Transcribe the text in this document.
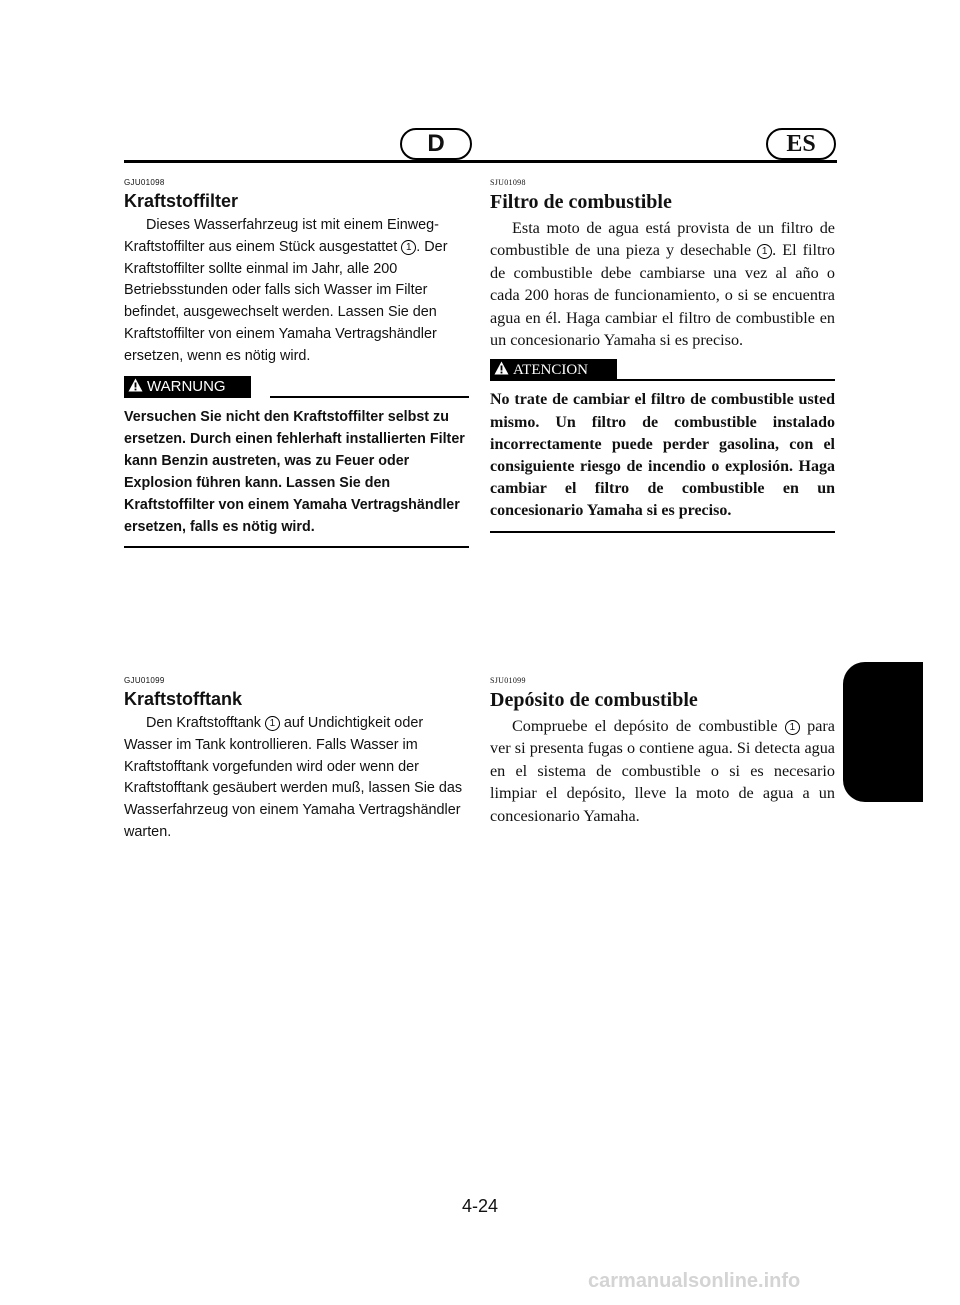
D	ES

GJU01098

Kraftstoffilter

Dieses Wasserfahrzeug ist mit einem Einweg-Kraftstoffilter aus einem Stück ausgestattet 1 . Der Kraftstoffilter sollte einmal im Jahr, alle 200 Betriebsstunden oder falls sich Wasser im Filter befindet, ausgewechselt werden. Lassen Sie den Kraftstoffilter von einem Yamaha Vertragshändler ersetzen, wenn es nötig wird.

WARNUNG

Versuchen Sie nicht den Kraftstoffilter selbst zu ersetzen. Durch einen fehlerhaft installierten Filter kann Benzin austreten, was zu Feuer oder Explosion führen kann. Lassen Sie den Kraftstoffilter von einem Yamaha Vertragshändler ersetzen, falls es nötig wird.

SJU01098

Filtro de combustible

Esta moto de agua está provista de un filtro de combustible de una pieza y desechable 1 . El filtro de combustible debe cambiarse una vez al año o cada 200 horas de funcionamiento, o si se encuentra agua en él. Haga cambiar el filtro de combustible en un concesionario Yamaha si es preciso.

ATENCION

No trate de cambiar el filtro de combustible usted mismo. Un filtro de combustible instalado incorrectamente puede perder gasolina, con el consiguiente riesgo de incendio o explosión. Haga cambiar el filtro de combustible en un concesionario Yamaha si es preciso.

GJU01099

Kraftstofftank

Den Kraftstofftank 1 auf Undichtigkeit oder Wasser im Tank kontrollieren. Falls Wasser im Kraftstofftank vorgefunden wird oder wenn der Kraftstofftank gesäubert werden muß, lassen Sie das Wasserfahrzeug von einem Yamaha Vertragshändler warten.

SJU01099

Depósito de combustible

Compruebe el depósito de combustible 1 para ver si presenta fugas o contiene agua. Si detecta agua en el sistema de combustible o si es necesario limpiar el depósito, lleve la moto de agua a un concesionario Yamaha.

4-24
carmanualsonline.info
